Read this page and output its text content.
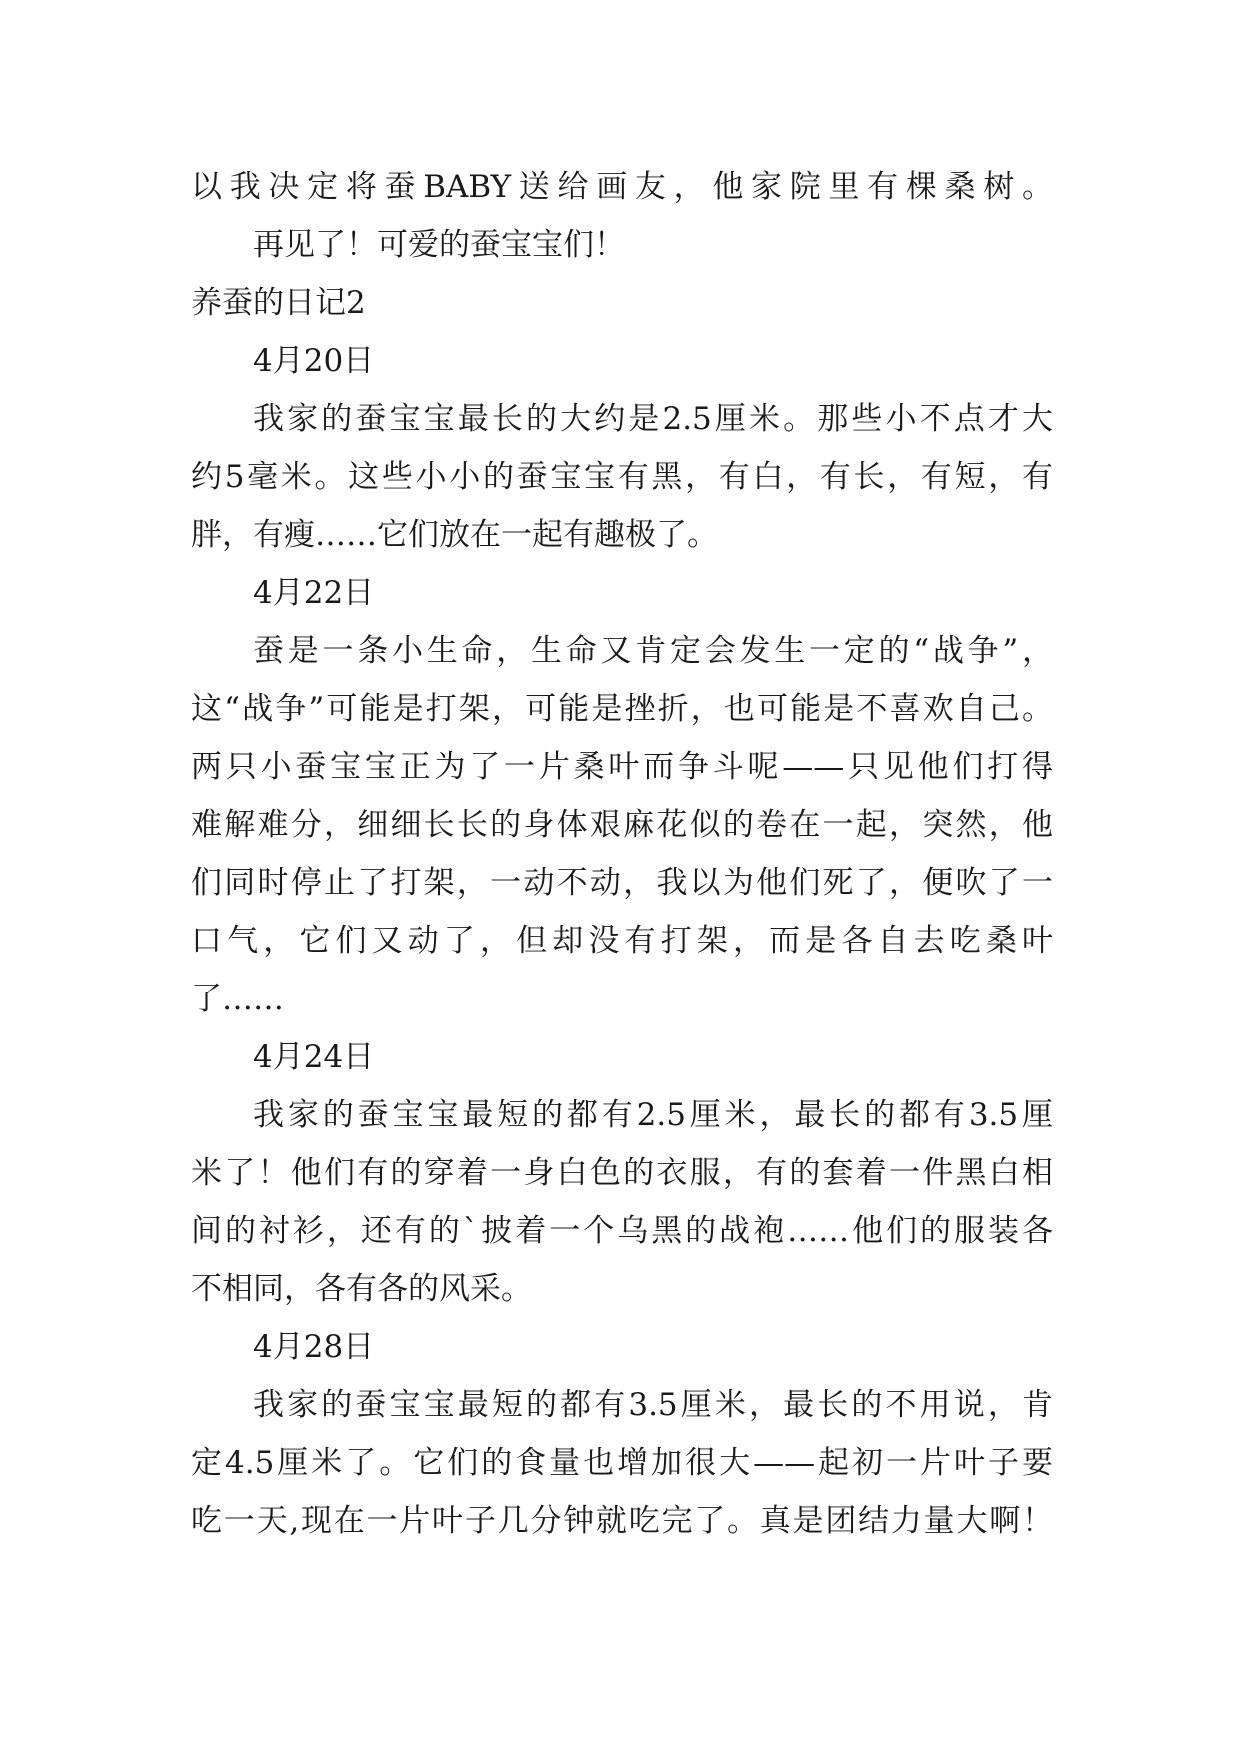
以我决定将蚕BABY送给画友，他家院里有棵桑树。
再见了！可爱的蚕宝宝们！
养蚕的日记2
4月20日
我家的蚕宝宝最长的大约是2.5厘米。那些小不点才大
约5毫米。这些小小的蚕宝宝有黑，有白，有长，有短，有
胖，有瘦……它们放在一起有趣极了。
4月22日
蚕是一条小生命，生命又肯定会发生一定的“战争”，
这“战争”可能是打架，可能是挫折，也可能是不喜欢自己。
两只小蚕宝宝正为了一片桑叶而争斗呢——只见他们打得
难解难分，细细长长的身体艰麻花似的卷在一起，突然，他
们同时停止了打架，一动不动，我以为他们死了，便吹了一
口气，它们又动了，但却没有打架，而是各自去吃桑叶
了……
4月24日
我家的蚕宝宝最短的都有2.5厘米，最长的都有3.5厘
米了！他们有的穿着一身白色的衣服，有的套着一件黑白相
间的衬衫，还有的`披着一个乌黑的战袍……他们的服装各
不相同，各有各的风采。
4月28日
我家的蚕宝宝最短的都有3.5厘米，最长的不用说，肯
定4.5厘米了。它们的食量也增加很大——起初一片叶子要
吃一天,现在一片叶子几分钟就吃完了。真是团结力量大啊！
